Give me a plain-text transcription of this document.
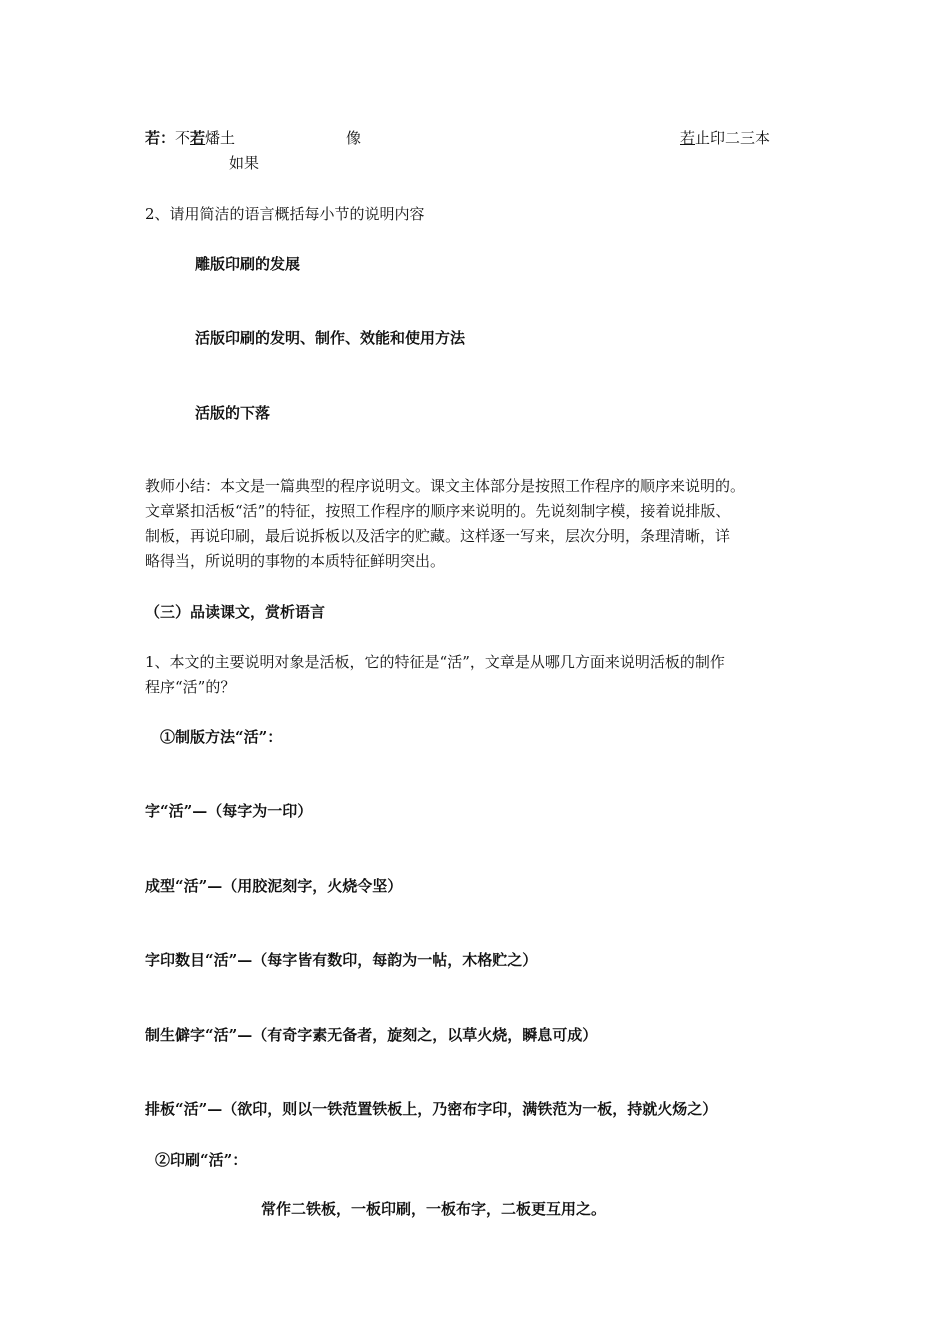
若：不若燔土
如果
像	若止印二三本
2、请用简洁的语言概括每小节的说明内容
雕版印刷的发展
活版印刷的发明、制作、效能和使用方法
活版的下落

教师小结：本文是一篇典型的程序说明文。课文主体部分是按照工作程序的顺序来说明的。

文章紧扣活板“活”的特征，按照工作程序的顺序来说明的。先说刻制字模，接着说排版、

制板，再说印刷，最后说拆板以及活字的贮藏。这样逐一写来，层次分明，条理清晰，详

略得当，所说明的事物的本质特征鲜明突出。

（三）品读课文，赏析语言

1、本文的主要说明对象是活板，它的特征是“活”，文章是从哪几方面来说明活板的制作

程序“活”的？

①制版方法“活”：
字“活”—（每字为一印）
成型“活”—（用胶泥刻字，火烧令坚）
字印数目“活”—（每字皆有数印，每韵为一帖，木格贮之）
制生僻字“活”—（有奇字素无备者，旋刻之，以草火烧，瞬息可成）
排板“活”—（欲印，则以一铁范置铁板上，乃密布字印，满铁范为一板，持就火炀之）
②印刷“活”：
常作二铁板，一板印刷，一板布字，二板更互用之。
